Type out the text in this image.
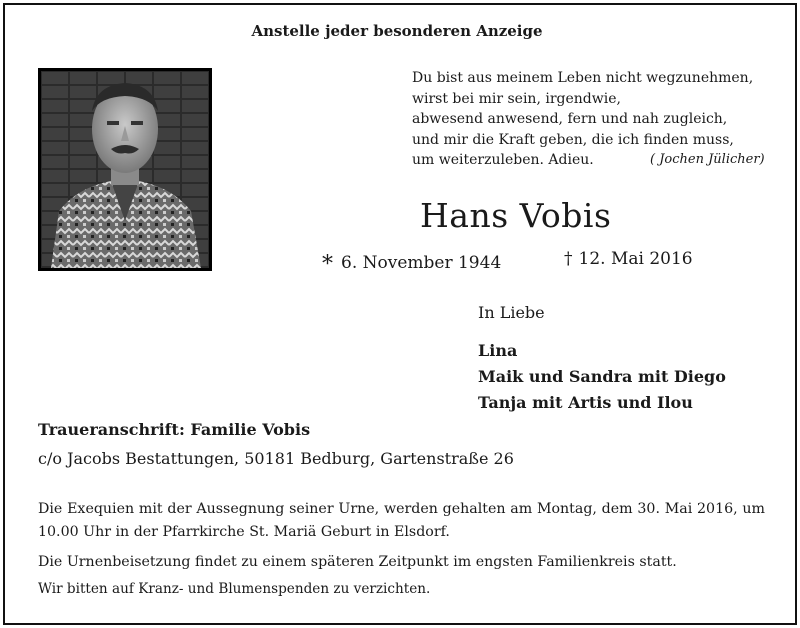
Anstelle jeder besonderen Anzeige
Du bist aus meinem Leben nicht wegzunehmen,
wirst bei mir sein, irgendwie,
abwesend anwesend, fern und nah zugleich,
und mir die Kraft geben, die ich finden muss,
um weiterzuleben. Adieu.	( Jochen Jülicher)
Hans Vobis
* 6. November 1944	† 12. Mai 2016
In Liebe
Lina
Maik und Sandra mit Diego
Tanja mit Artis und Ilou
Traueranschrift: Familie Vobis
c/o Jacobs Bestattungen, 50181 Bedburg, Gartenstraße 26
Die Exequien mit der Aussegnung seiner Urne, werden gehalten am Montag, dem 30. Mai 2016, um 10.00 Uhr in der Pfarrkirche St. Mariä Geburt in Elsdorf.
Die Urnenbeisetzung findet zu einem späteren Zeitpunkt im engsten Familienkreis statt.
Wir bitten auf Kranz- und Blumenspenden zu verzichten.
